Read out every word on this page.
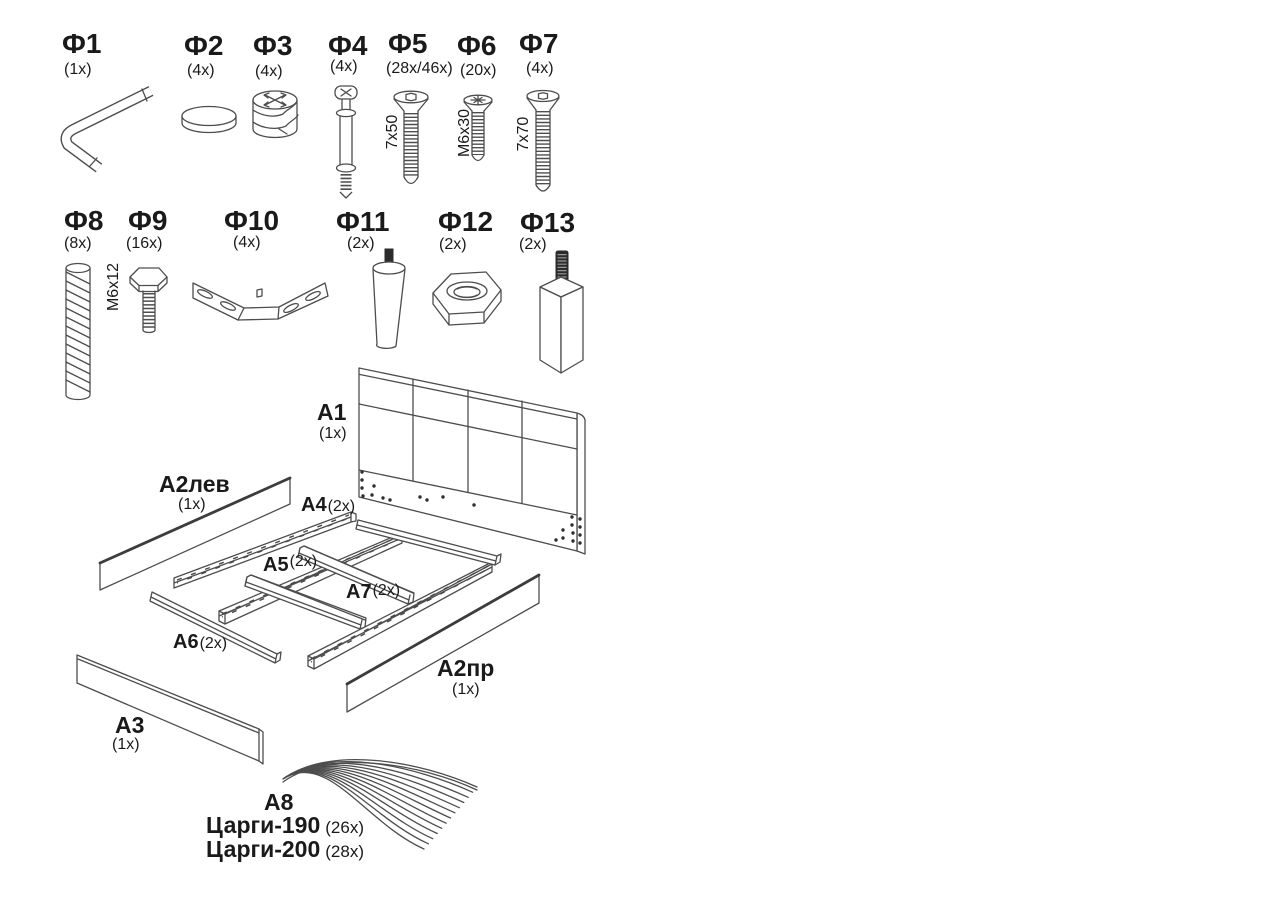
Ф1
(1x)
Ф2
(4x)
Ф3
(4x)
Ф4
(4x)
Ф5
(28x/46x)
Ф6
(20x)
Ф7
(4x)
Ф8
(8x)
Ф9
(16x)
Ф10
(4x)
Ф11
(2x)
Ф12
(2x)
Ф13
(2x)
7x50	M6x30	7x70
M6x12
А1
(1x)
А2лев
(1x)
А2пр
(1x)
А3
(1x)
А4 (2x)
А5 (2x)
А6 (2x)
А7 (2x)
А8
Царги-190 (26x)
Царги-200 (28x)
